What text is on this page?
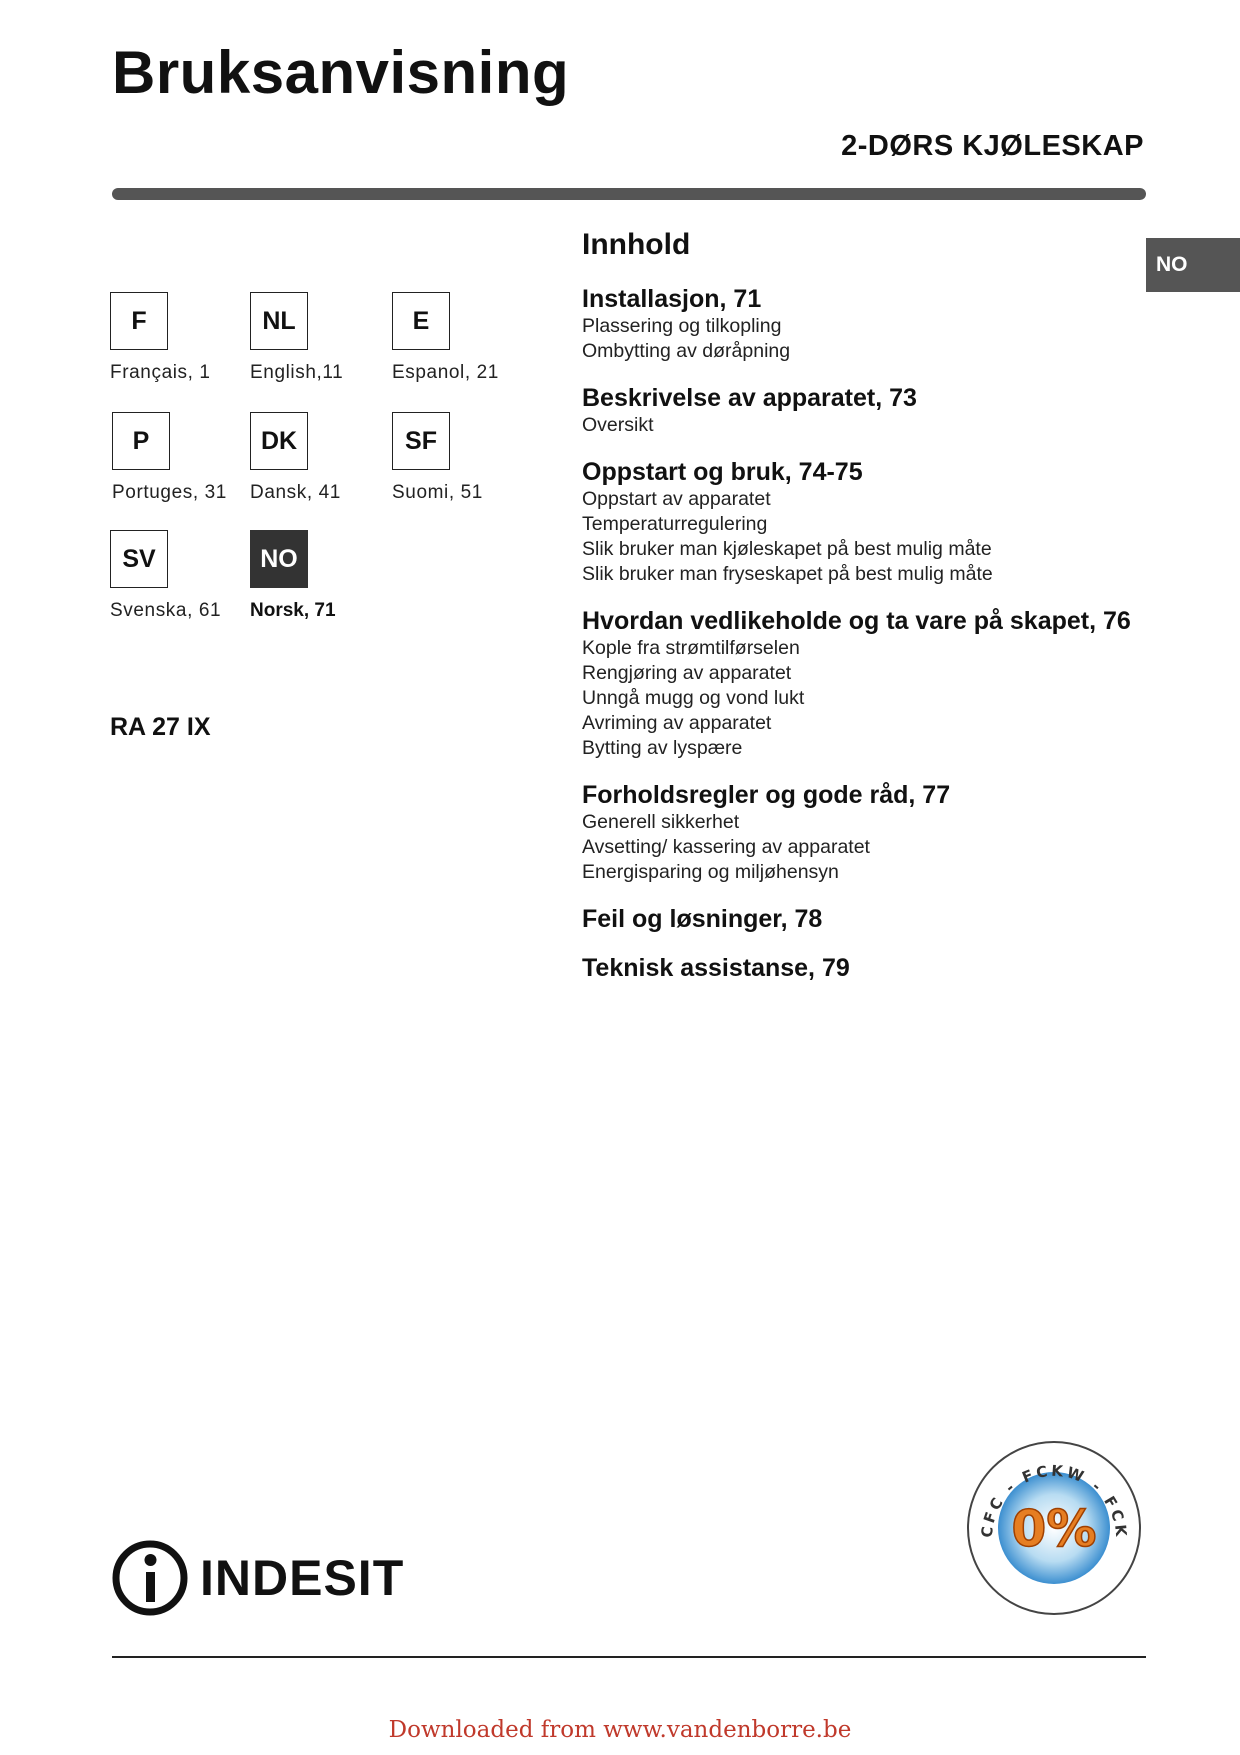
Bruksanvisning
2-DØRS KJØLESKAP
NO
F
Français, 1
NL
English,11
E
Espanol, 21
P
Portuges, 31
DK
Dansk, 41
SF
Suomi, 51
SV
Svenska, 61
NO
Norsk, 71
RA 27 IX
Innhold
Installasjon, 71
Plassering og tilkopling
Ombytting av døråpning
Beskrivelse av apparatet, 73
Oversikt
Oppstart og bruk, 74-75
Oppstart av apparatet
Temperaturregulering
Slik bruker man kjøleskapet på best mulig måte
Slik bruker man fryseskapet på best mulig måte
Hvordan vedlikeholde og ta vare på skapet, 76
Kople fra strømtilførselen
Rengjøring av apparatet
Unngå mugg og vond lukt
Avriming av apparatet
Bytting av lyspære
Forholdsregler og gode råd, 77
Generell sikkerhet
Avsetting/ kassering av apparatet
Energisparing og miljøhensyn
Feil og løsninger, 78
Teknisk assistanse, 79
INDESIT
CFC - FCKW - FCK
0%
Downloaded from www.vandenborre.be
